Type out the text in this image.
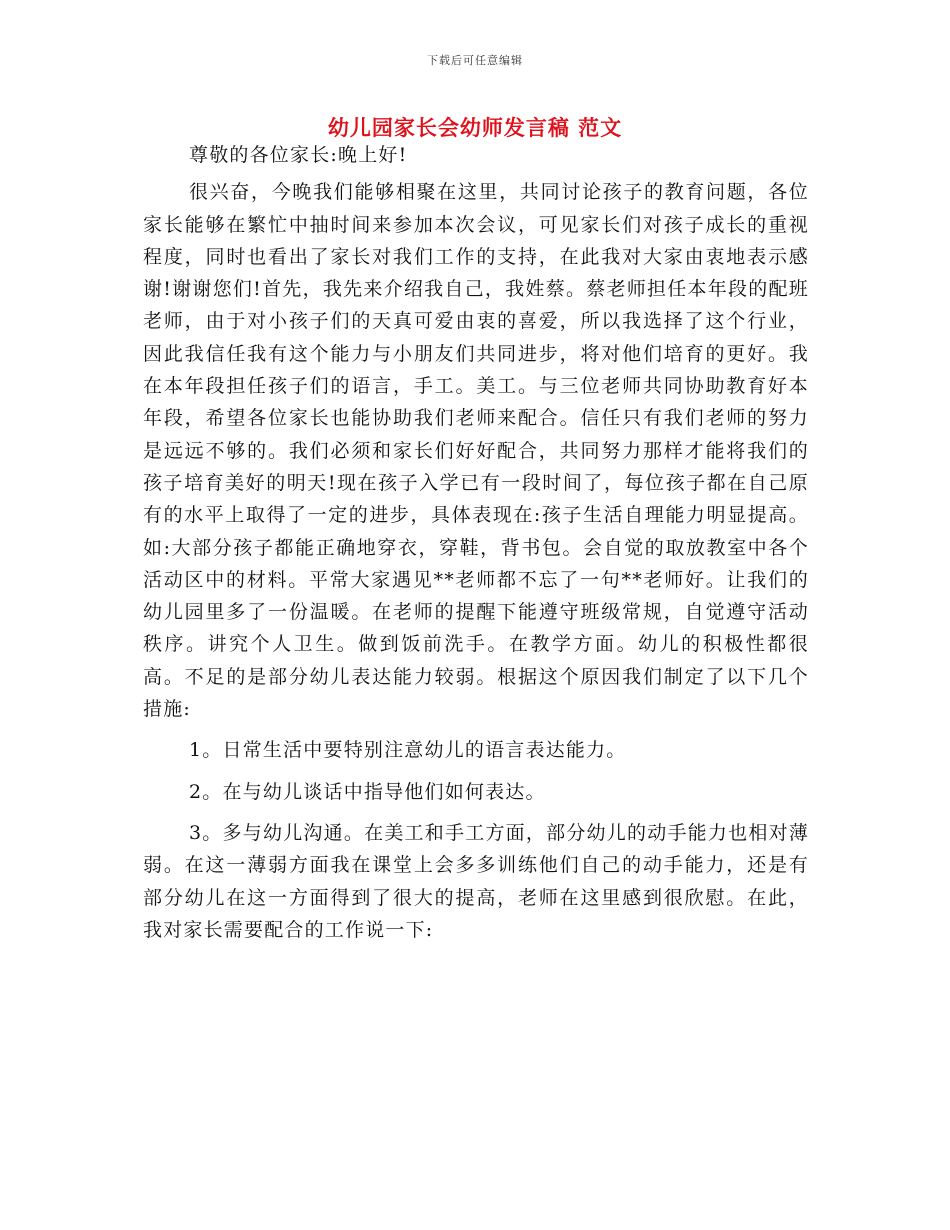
下载后可任意编辑
幼儿园家长会幼师发言稿 范文

尊敬的各位家长:晚上好!

很兴奋，今晚我们能够相聚在这里，共同讨论孩子的教育问题，各位家长能够在繁忙中抽时间来参加本次会议，可见家长们对孩子成长的重视程度，同时也看出了家长对我们工作的支持，在此我对大家由衷地表示感谢!谢谢您们!首先，我先来介绍我自己，我姓蔡。蔡老师担任本年段的配班老师，由于对小孩子们的天真可爱由衷的喜爱，所以我选择了这个行业，因此我信任我有这个能力与小朋友们共同进步，将对他们培育的更好。我在本年段担任孩子们的语言，手工。美工。与三位老师共同协助教育好本年段，希望各位家长也能协助我们老师来配合。信任只有我们老师的努力是远远不够的。我们必须和家长们好好配合，共同努力那样才能将我们的孩子培育美好的明天!现在孩子入学已有一段时间了，每位孩子都在自己原有的水平上取得了一定的进步，具体表现在:孩子生活自理能力明显提高。如:大部分孩子都能正确地穿衣，穿鞋，背书包。会自觉的取放教室中各个活动区中的材料。平常大家遇见**老师都不忘了一句**老师好。让我们的幼儿园里多了一份温暖。在老师的提醒下能遵守班级常规，自觉遵守活动秩序。讲究个人卫生。做到饭前洗手。在教学方面。幼儿的积极性都很高。不足的是部分幼儿表达能力较弱。根据这个原因我们制定了以下几个措施:

1。日常生活中要特别注意幼儿的语言表达能力。

2。在与幼儿谈话中指导他们如何表达。

3。多与幼儿沟通。在美工和手工方面，部分幼儿的动手能力也相对薄弱。在这一薄弱方面我在课堂上会多多训练他们自己的动手能力，还是有部分幼儿在这一方面得到了很大的提高，老师在这里感到很欣慰。在此，我对家长需要配合的工作说一下:
